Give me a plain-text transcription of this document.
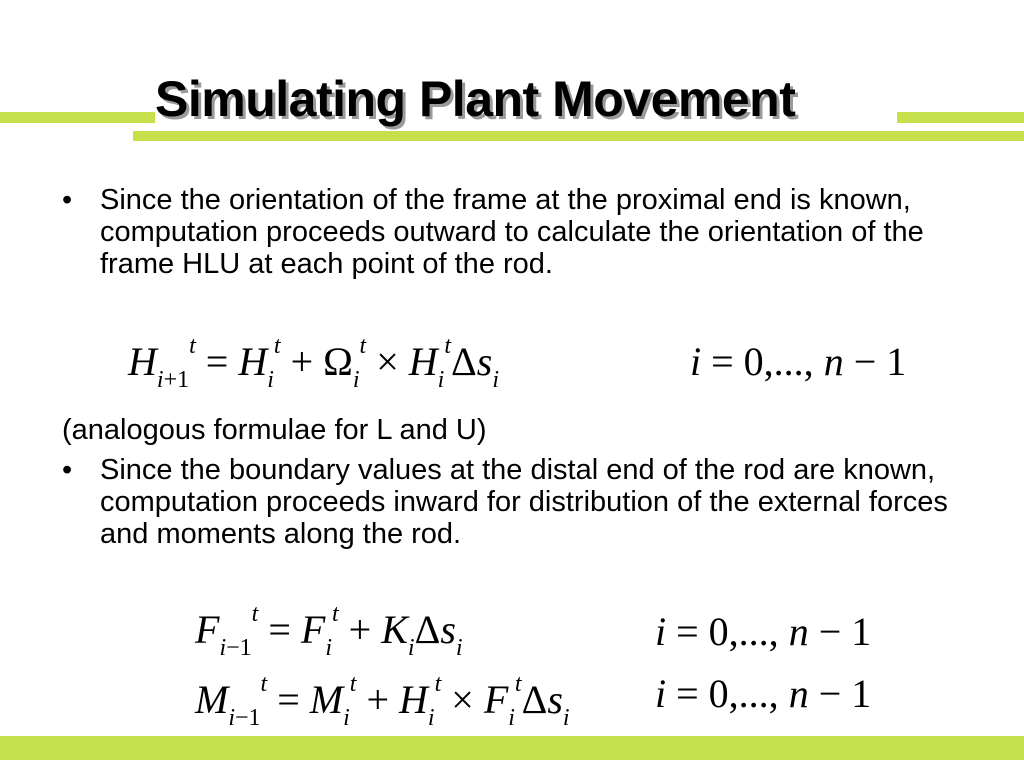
Simulating Plant Movement
• Since the orientation of the frame at the proximal end is known, computation proceeds outward to calculate the orientation of the frame HLU at each point of the rod.
$H_{i+1}^t = H_i^t + \Omega_i^t \times H_i^t\Delta s_i$	i = 0,..., n − 1
(analogous formulae for L and U)
• Since the boundary values at the distal end of the rod are known, computation proceeds inward for distribution of the external forces and moments along the rod.
$F_{i-1}^t = F_i^t + K_i\Delta s_i$	i = 0,..., n − 1
$M_{i-1}^t = M_i^t + H_i^t \times F_i^t\Delta s_i$
i = 0,..., n − 1
